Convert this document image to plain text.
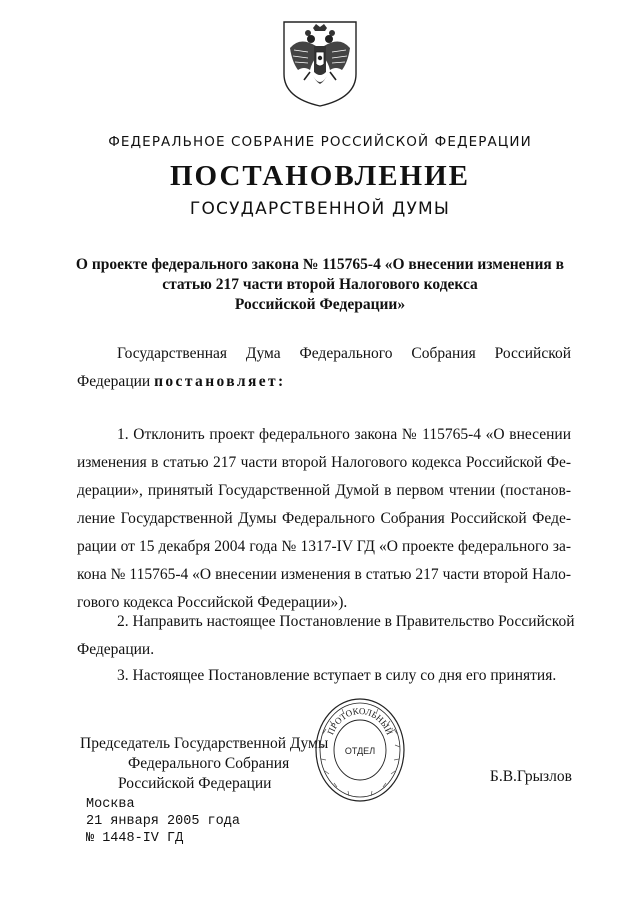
ФЕДЕРАЛЬНОЕ СОБРАНИЕ РОССИЙСКОЙ ФЕДЕРАЦИИ
ПОСТАНОВЛЕНИЕ
ГОСУДАРСТВЕННОЙ ДУМЫ
О проекте федерального закона № 115765-4 «О внесении изменения в
статью 217 части второй Налогового кодекса
Российской Федерации»
Государственная Дума Федерального Собрания Российской
Федерации постановляет:
1. Отклонить проект федерального закона № 115765-4 «О внесении
изменения в статью 217 части второй Налогового кодекса Российской Фе-
дерации», принятый Государственной Думой в первом чтении (постанов-
ление Государственной Думы Федерального Собрания Российской Феде-
рации от 15 декабря 2004 года № 1317-IV ГД «О проекте федерального за-
кона № 115765-4 «О внесении изменения в статью 217 части второй Нало-
гового кодекса Российской Федерации»).
2. Направить настоящее Постановление в Правительство Российской
Федерации.
3. Настоящее Постановление вступает в силу со дня его принятия.
Председатель Государственной Думы
Федерального Собрания
Российской Федерации
ПРОТОКОЛЬНЫЙ
ОТДЕЛ
Б.В.Грызлов
Москва
21 января 2005 года
№ 1448-IV ГД
